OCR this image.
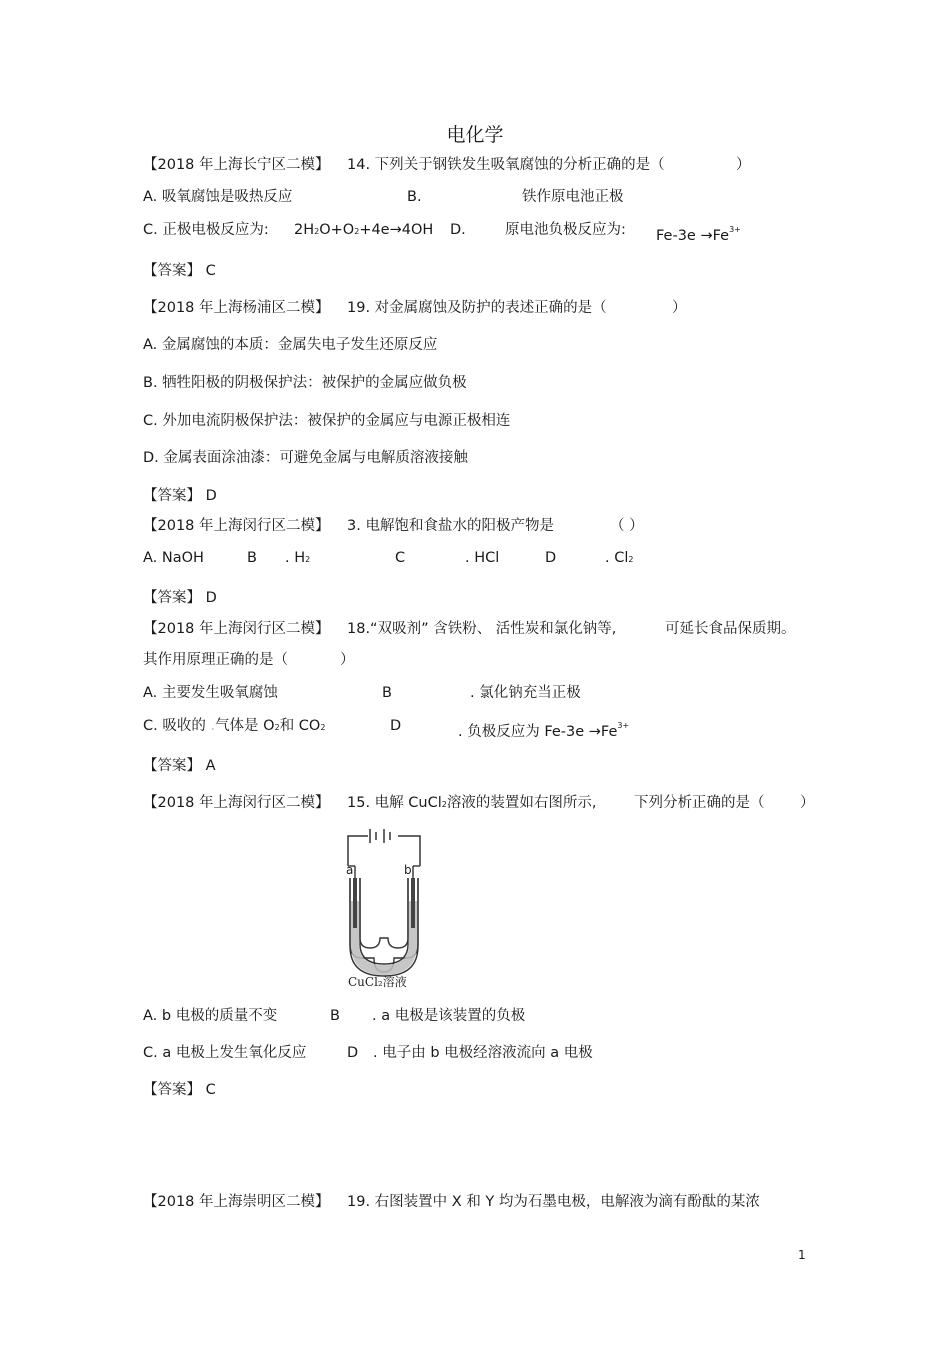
电化学
【2018 年上海长宁区二模】 14. 下列关于钢铁发生吸氧腐蚀的分析正确的是（	）
A. 吸氧腐蚀是吸热反应	B.	铁作原电池正极
C. 正极电极反应为: 2H2O+O2+4e→4OH D.	原电池负极反应为: $Fe-3e \to Fe^{3+}$
【答案】 C
【2018 年上海杨浦区二模】 19. 对金属腐蚀及防护的表述正确的是（	）
A. 金属腐蚀的本质：金属失电子发生还原反应
B. 牺牲阳极的阴极保护法：被保护的金属应做负极
C. 外加电流阴极保护法：被保护的金属应与电源正极相连
D. 金属表面涂油漆：可避免金属与电解质溶液接触
【答案】 D
【2018 年上海闵行区二模】 3. 电解饱和食盐水的阳极产物是	（ ）
A. NaOH	B . H2	C	. HCl	D	. Cl2
【答案】 D
【2018 年上海闵行区二模】 18.“双吸剂” 含铁粉、 活性炭和氯化钠等,	可延长食品保质期。
其作用原理正确的是（	）
A. 主要发生吸氧腐蚀	B	. 氯化钠充当正极
C. 吸收的 .气体是 O2和 CO2	D	. 负极反应为 $Fe-3e \to Fe^{3+}$
【答案】 A
【2018 年上海闵行区二模】 15. 电解 CuCl2溶液的装置如右图所示,	下列分析正确的是（ ）
a	b
CuCl₂溶液
A. b 电极的质量不变	B . a 电极是该装置的负极
C. a 电极上发生氧化反应	D . 电子由 b 电极经溶液流向 a 电极
【答案】 C
【2018 年上海崇明区二模】 19. 右图装置中 X 和 Y 均为石墨电极，电解液为滴有酚酞的某浓
1
